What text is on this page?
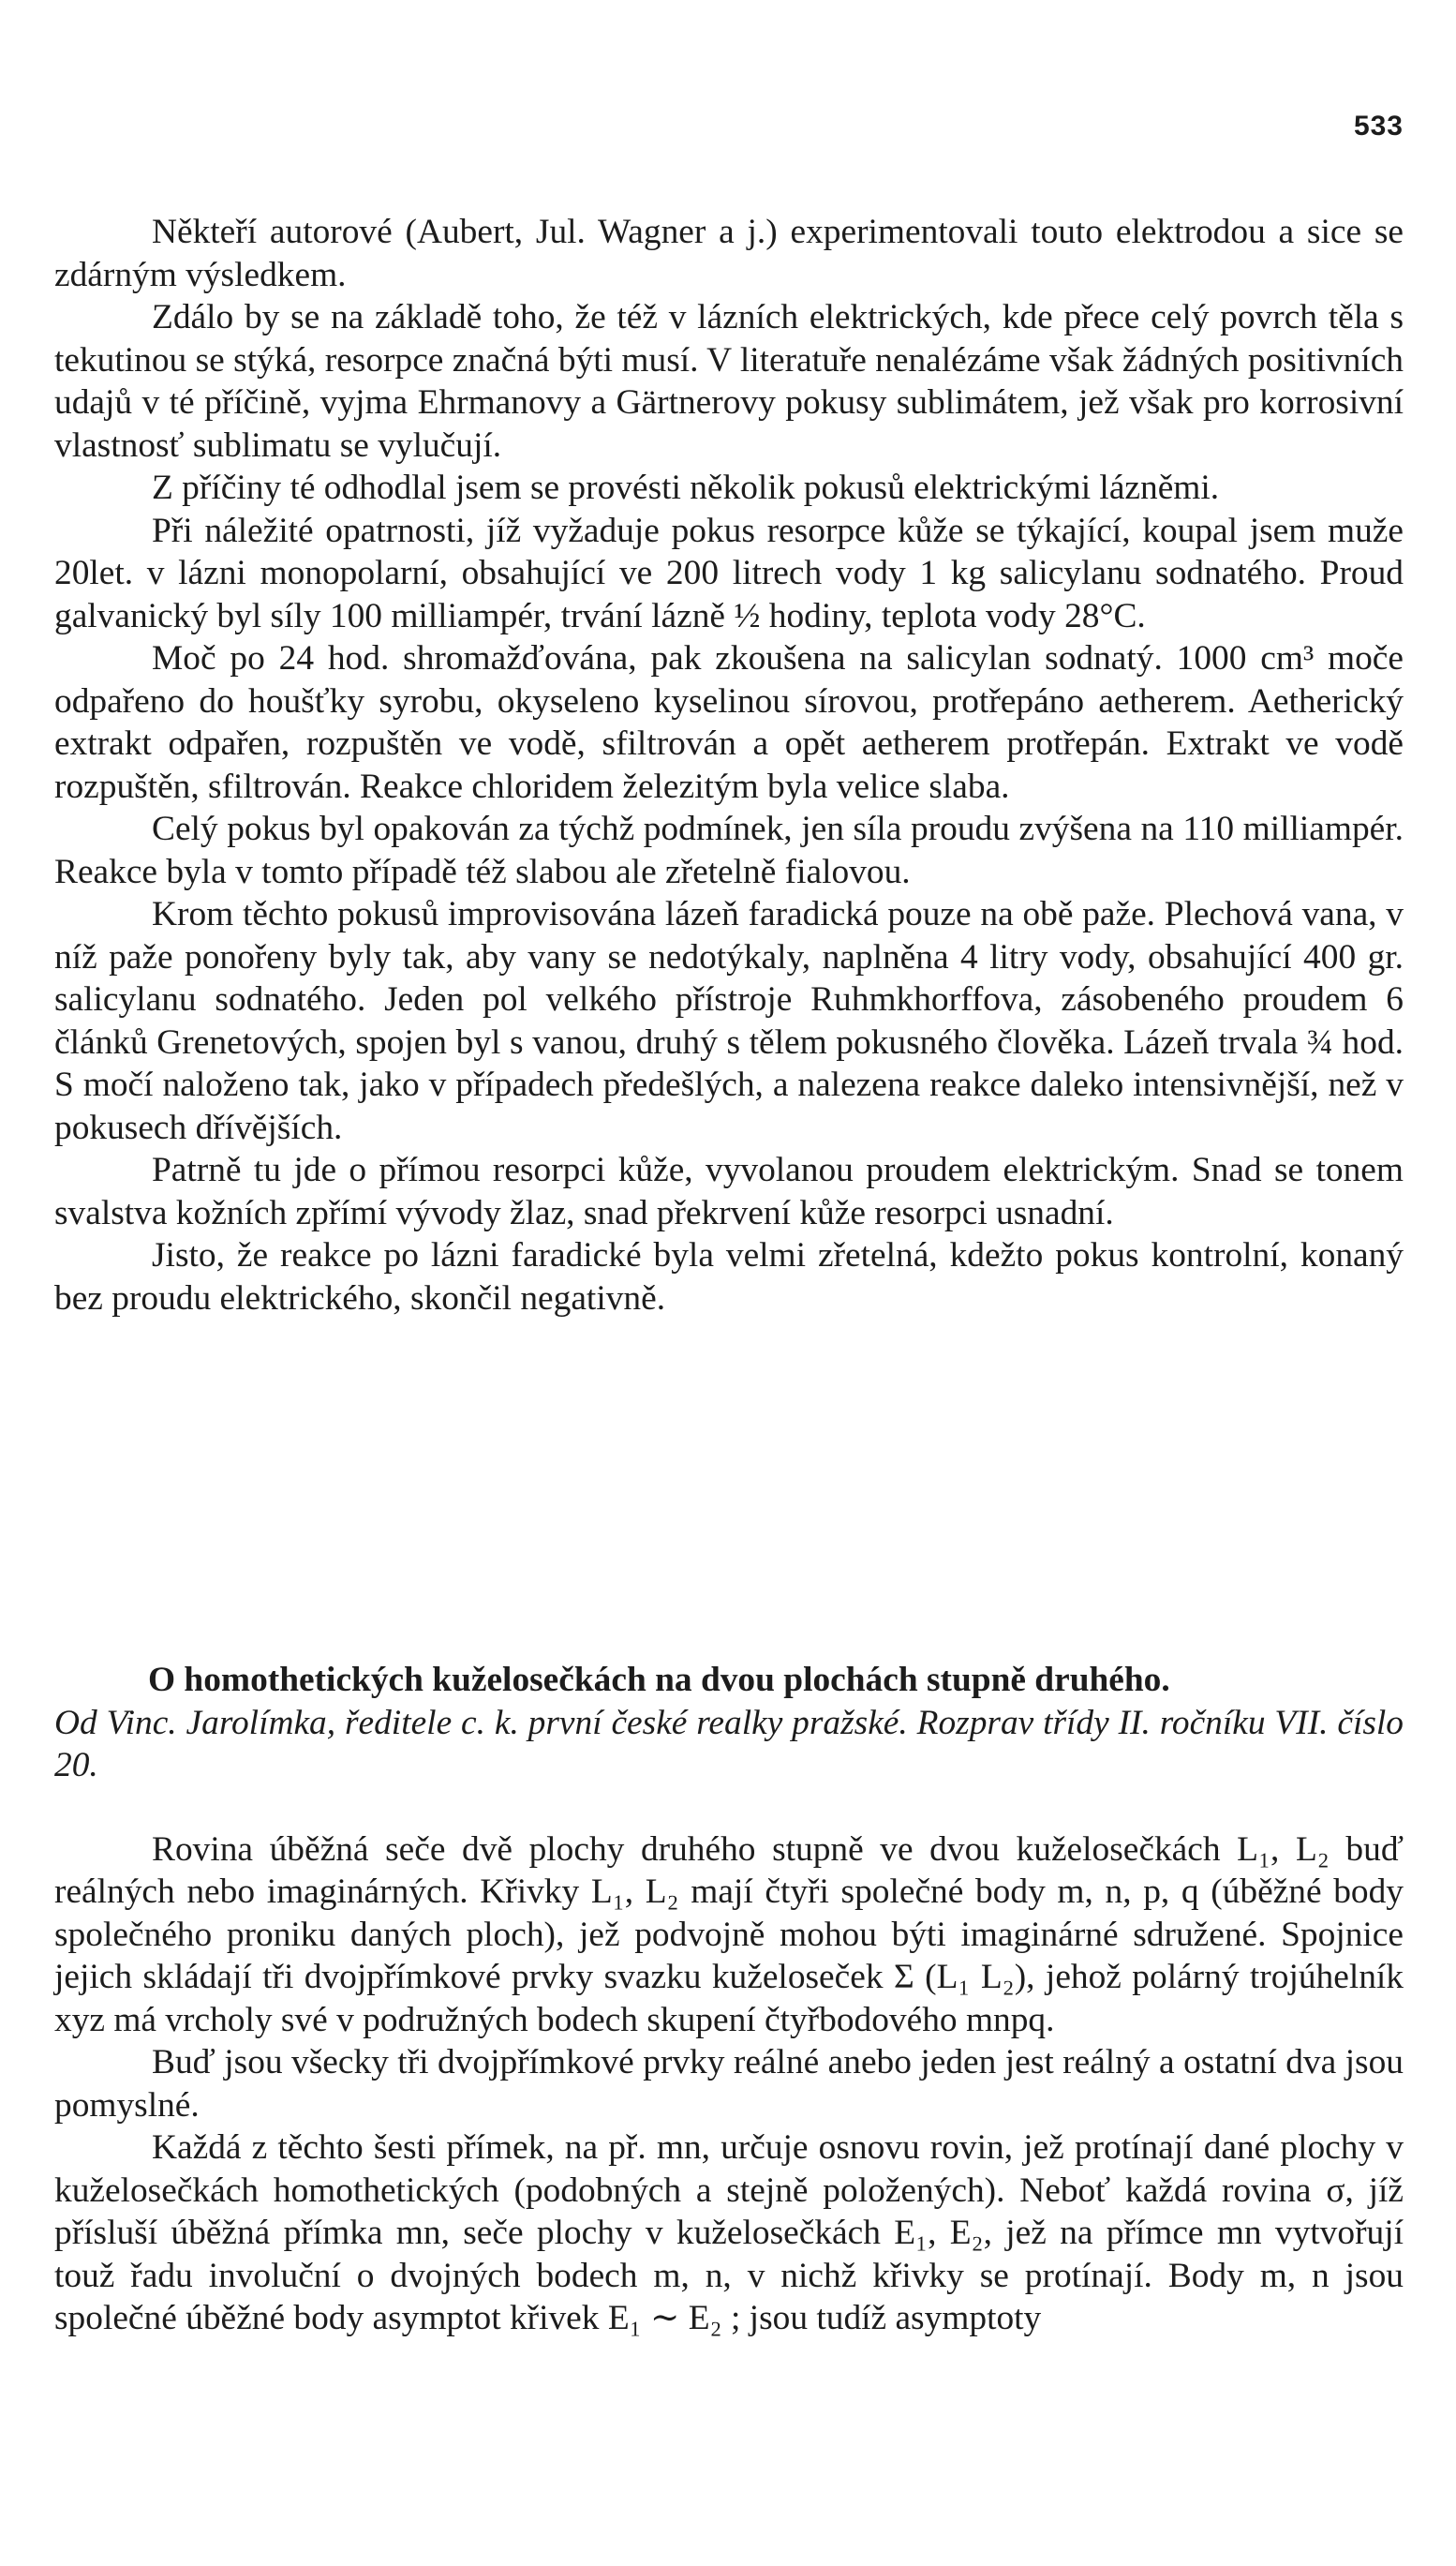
533

Někteří autorové (Aubert, Jul. Wagner a j.) experimentovali touto elektrodou a sice se zdárným výsledkem.

Zdálo by se na základě toho, že též v lázních elektrických, kde přece celý povrch těla s tekutinou se stýká, resorpce značná býti musí. V literatuře nenalézáme však žádných positivních udajů v té příčině, vyjma Ehrmanovy a Gärtnerovy pokusy sublimátem, jež však pro korrosivní vlastnosť sublimatu se vylučují.

Z příčiny té odhodlal jsem se provésti několik pokusů elektrickými lázněmi.

Při náležité opatrnosti, jíž vyžaduje pokus resorpce kůže se týkající, koupal jsem muže 20let. v lázni monopolarní, obsahující ve 200 litrech vody 1 kg salicylanu sodnatého. Proud galvanický byl síly 100 milliampér, trvání lázně ½ hodiny, teplota vody 28°C.

Moč po 24 hod. shromažďována, pak zkoušena na salicylan sodnatý. 1000 cm³ moče odpařeno do houšťky syrobu, okyseleno kyselinou sírovou, protřepáno aetherem. Aetherický extrakt odpařen, rozpuštěn ve vodě, sfiltrován a opět aetherem protřepán. Extrakt ve vodě rozpuštěn, sfiltrován. Reakce chloridem železitým byla velice slaba.

Celý pokus byl opakován za týchž podmínek, jen síla proudu zvýšena na 110 milliampér. Reakce byla v tomto případě též slabou ale zřetelně fialovou.

Krom těchto pokusů improvisována lázeň faradická pouze na obě paže. Plechová vana, v níž paže ponořeny byly tak, aby vany se nedotýkaly, naplněna 4 litry vody, obsahující 400 gr. salicylanu sodnatého. Jeden pol velkého přístroje Ruhmkhorffova, zásobeného proudem 6 článků Grenetových, spojen byl s vanou, druhý s tělem pokusného člověka. Lázeň trvala ¾ hod. S močí naloženo tak, jako v případech předešlých, a nalezena reakce daleko intensivnější, než v pokusech dřívějších.

Patrně tu jde o přímou resorpci kůže, vyvolanou proudem elektrickým. Snad se tonem svalstva kožních zpřímí vývody žlaz, snad překrvení kůže resorpci usnadní.

Jisto, že reakce po lázni faradické byla velmi zřetelná, kdežto pokus kontrolní, konaný bez proudu elektrického, skončil negativně.

O homothetických kuželosečkách na dvou plochách stupně druhého.
Od Vinc. Jarolímka, ředitele c. k. první české realky pražské. Rozprav třídy II. ročníku VII. číslo 20.

Rovina úběžná seče dvě plochy druhého stupně ve dvou kuželosečkách L₁, L₂ buď reálných nebo imaginárných. Křivky L₁, L₂ mají čtyři společné body m, n, p, q (úběžné body společného proniku daných ploch), jež podvojně mohou býti imaginárné sdružené. Spojnice jejich skládají tři dvojpřímkové prvky svazku kuželoseček Σ (L₁ L₂), jehož polárný trojúhelník xyz má vrcholy své v podružných bodech skupení čtyřbodového mnpq.

Buď jsou všecky tři dvojpřímkové prvky reálné anebo jeden jest reálný a ostatní dva jsou pomyslné.

Každá z těchto šesti přímek, na př. mn, určuje osnovu rovin, jež protínají dané plochy v kuželosečkách homothetických (podobných a stejně položených). Neboť každá rovina σ, jíž přísluší úběžná přímka mn, seče plochy v kuželosečkách E₁, E₂, jež na přímce mn vytvořují touž řadu involuční o dvojných bodech m, n, v nichž křivky se protínají. Body m, n jsou společné úběžné body asymptot křivek E₁ ∼ E₂ ; jsou tudíž asymptoty
